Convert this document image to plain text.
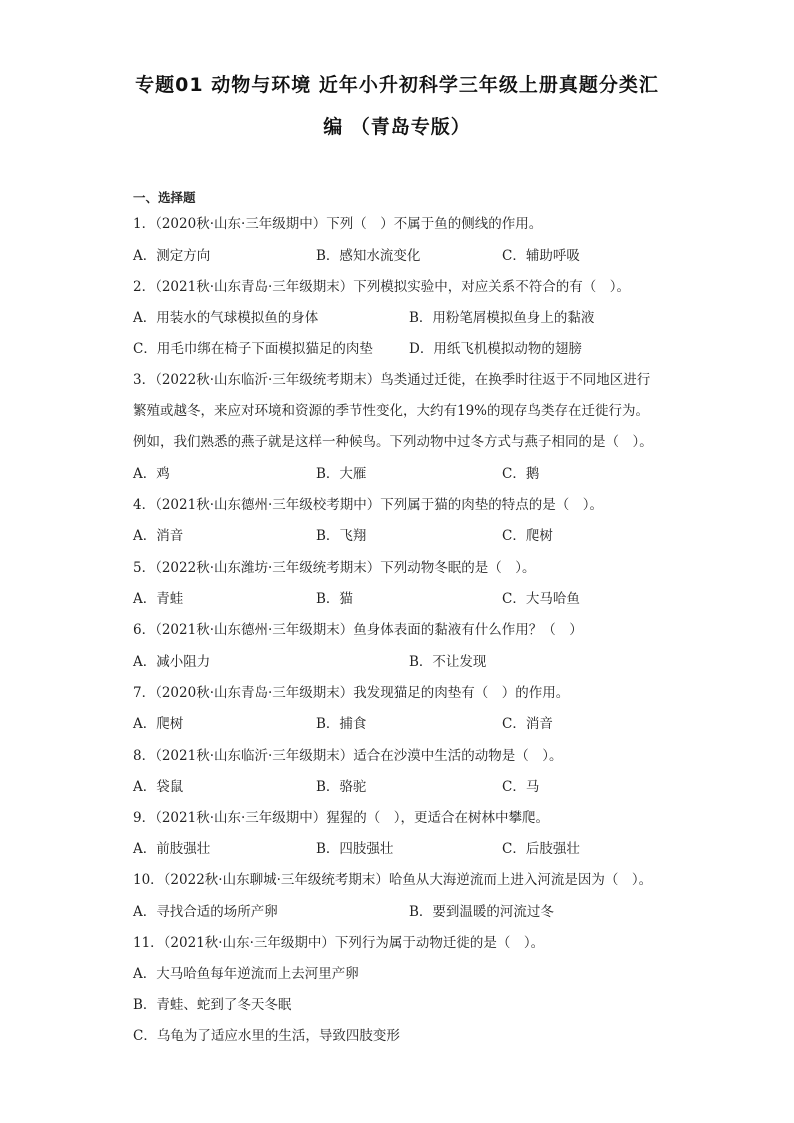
专题01 动物与环境 近年小升初科学三年级上册真题分类汇
编 （青岛专版）
一、选择题
1．（2020秋·山东·三年级期中）下列（　）不属于鱼的侧线的作用。
A．测定方向	B．感知水流变化	C．辅助呼吸
2．（2021秋·山东青岛·三年级期末）下列模拟实验中，对应关系不符合的有（　）。
A．用装水的气球模拟鱼的身体	B．用粉笔屑模拟鱼身上的黏液
C．用毛巾绑在椅子下面模拟猫足的肉垫	D．用纸飞机模拟动物的翅膀
3．（2022秋·山东临沂·三年级统考期末）鸟类通过迁徙，在换季时往返于不同地区进行
繁殖或越冬，来应对环境和资源的季节性变化，大约有19%的现存鸟类存在迁徙行为。
例如，我们熟悉的燕子就是这样一种候鸟。下列动物中过冬方式与燕子相同的是（　）。
A．鸡	B．大雁	C．鹅
4．（2021秋·山东德州·三年级校考期中）下列属于猫的肉垫的特点的是（　）。
A．消音	B．飞翔	C．爬树
5．（2022秋·山东潍坊·三年级统考期末）下列动物冬眠的是（　）。
A．青蛙	B．猫	C．大马哈鱼
6．（2021秋·山东德州·三年级期末）鱼身体表面的黏液有什么作用？（　）
A．减小阻力	B．不让发现
7．（2020秋·山东青岛·三年级期末）我发现猫足的肉垫有（　）的作用。
A．爬树	B．捕食	C．消音
8．（2021秋·山东临沂·三年级期末）适合在沙漠中生活的动物是（　）。
A．袋鼠	B．骆驼	C．马
9．（2021秋·山东·三年级期中）猩猩的（　），更适合在树林中攀爬。
A．前肢强壮	B．四肢强壮	C．后肢强壮
10．（2022秋·山东聊城·三年级统考期末）哈鱼从大海逆流而上进入河流是因为（　）。
A．寻找合适的场所产卵	B．要到温暖的河流过冬
11．（2021秋·山东·三年级期中）下列行为属于动物迁徙的是（　）。
A．大马哈鱼每年逆流而上去河里产卵
B．青蛙、蛇到了冬天冬眠
C．乌龟为了适应水里的生活，导致四肢变形
